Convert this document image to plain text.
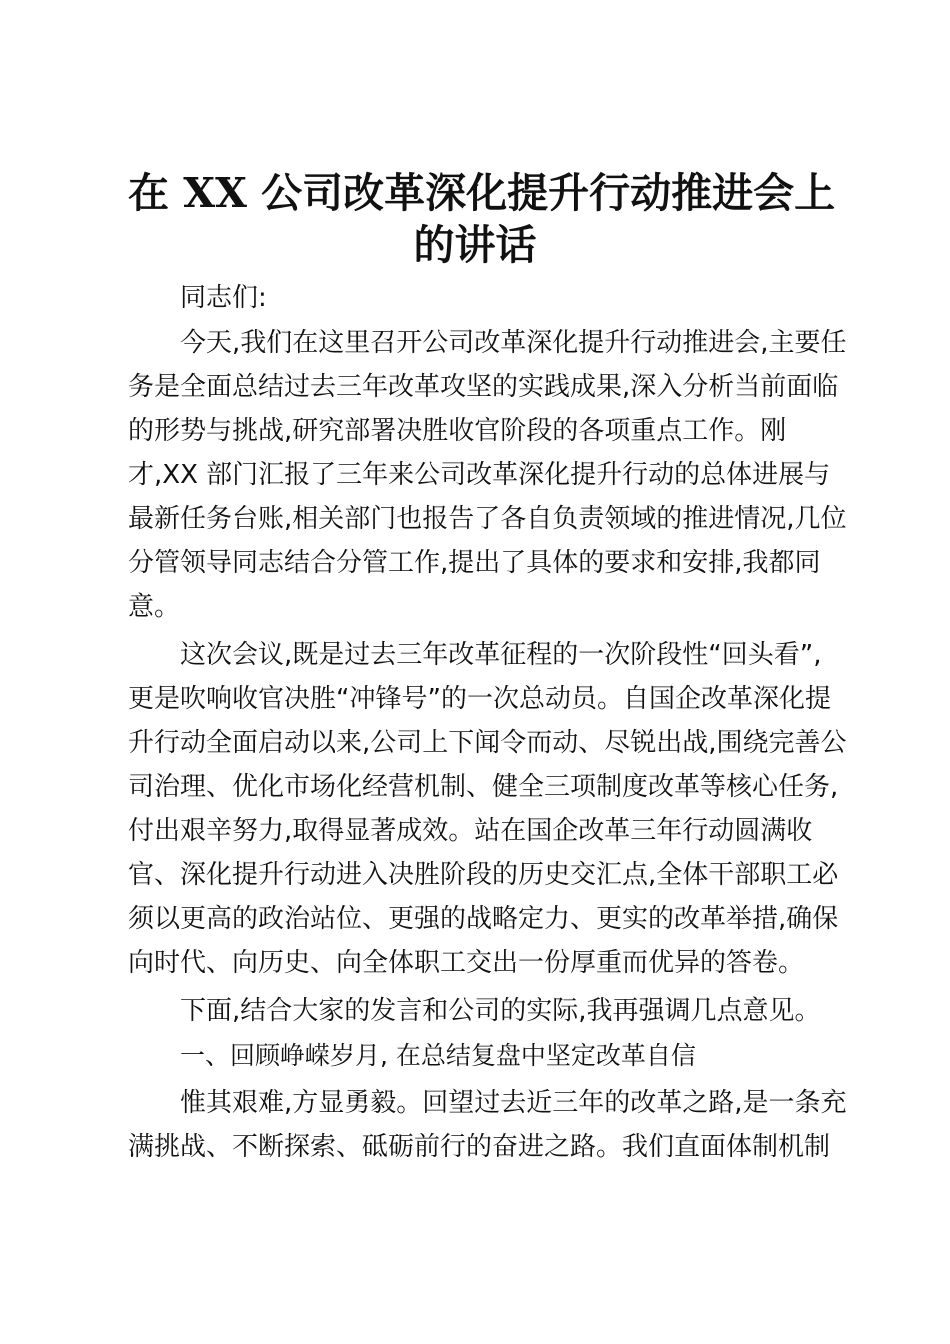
在 XX 公司改革深化提升行动推进会上
的讲话

同志们:

今天,我们在这里召开公司改革深化提升行动推进会,主要任

务是全面总结过去三年改革攻坚的实践成果,深入分析当前面临

的形势与挑战,研究部署决胜收官阶段的各项重点工作。刚

才,XX 部门汇报了三年来公司改革深化提升行动的总体进展与

最新任务台账,相关部门也报告了各自负责领域的推进情况,几位

分管领导同志结合分管工作,提出了具体的要求和安排,我都同

意。

这次会议,既是过去三年改革征程的一次阶段性“回头看”,

更是吹响收官决胜“冲锋号”的一次总动员。自国企改革深化提

升行动全面启动以来,公司上下闻令而动、尽锐出战,围绕完善公

司治理、优化市场化经营机制、健全三项制度改革等核心任务,

付出艰辛努力,取得显著成效。站在国企改革三年行动圆满收

官、深化提升行动进入决胜阶段的历史交汇点,全体干部职工必

须以更高的政治站位、更强的战略定力、更实的改革举措,确保

向时代、向历史、向全体职工交出一份厚重而优异的答卷。

下面,结合大家的发言和公司的实际,我再强调几点意见。

一、回顾峥嵘岁月, 在总结复盘中坚定改革自信

惟其艰难,方显勇毅。回望过去近三年的改革之路,是一条充

满挑战、不断探索、砥砺前行的奋进之路。我们直面体制机制
